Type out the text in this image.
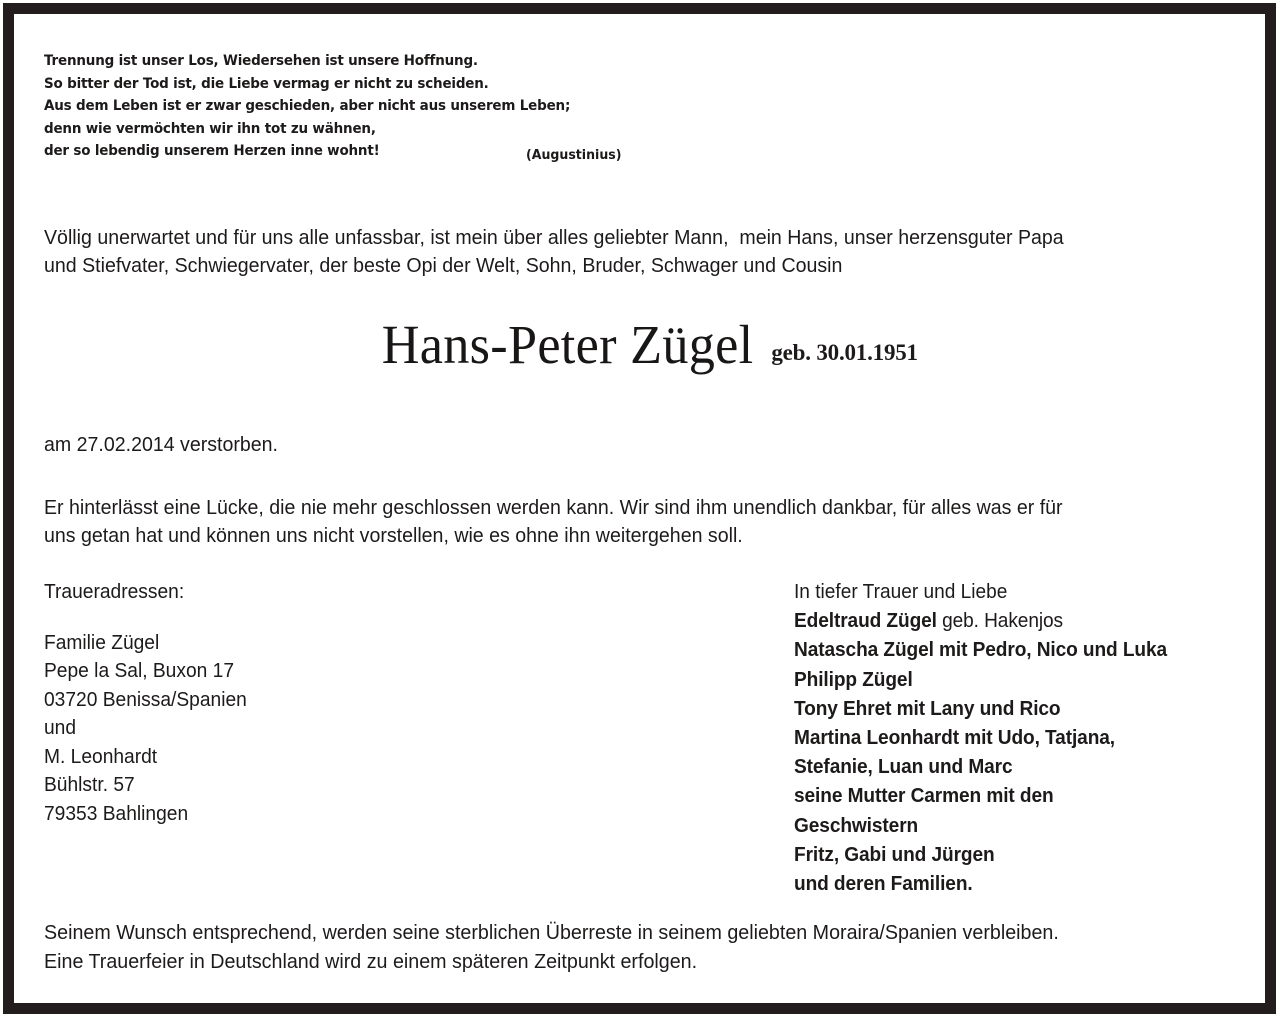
Trennung ist unser Los, Wiedersehen ist unsere Hoffnung.
So bitter der Tod ist, die Liebe vermag er nicht zu scheiden.
Aus dem Leben ist er zwar geschieden, aber nicht aus unserem Leben;
denn wie vermöchten wir ihn tot zu wähnen,
der so lebendig unserem Herzen inne wohnt!	(Augustinius)
Völlig unerwartet und für uns alle unfassbar, ist mein über alles geliebter Mann,  mein Hans, unser herzensguter Papa
und Stiefvater, Schwiegervater, der beste Opi der Welt, Sohn, Bruder, Schwager und Cousin
Hans-Peter Zügel geb. 30.01.1951
am 27.02.2014 verstorben.
Er hinterlässt eine Lücke, die nie mehr geschlossen werden kann. Wir sind ihm unendlich dankbar, für alles was er für
uns getan hat und können uns nicht vorstellen, wie es ohne ihn weitergehen soll.
Traueradressen:
Familie Zügel
Pepe la Sal, Buxon 17
03720 Benissa/Spanien
und
M. Leonhardt
Bühlstr. 57
79353 Bahlingen
In tiefer Trauer und Liebe
Edeltraud Zügel geb. Hakenjos
Natascha Zügel mit Pedro, Nico und Luka
Philipp Zügel
Tony Ehret mit Lany und Rico
Martina Leonhardt mit Udo, Tatjana,
Stefanie, Luan und Marc
seine Mutter Carmen mit den
Geschwistern
Fritz, Gabi und Jürgen
und deren Familien.
Seinem Wunsch entsprechend, werden seine sterblichen Überreste in seinem geliebten Moraira/Spanien verbleiben.
Eine Trauerfeier in Deutschland wird zu einem späteren Zeitpunkt erfolgen.
